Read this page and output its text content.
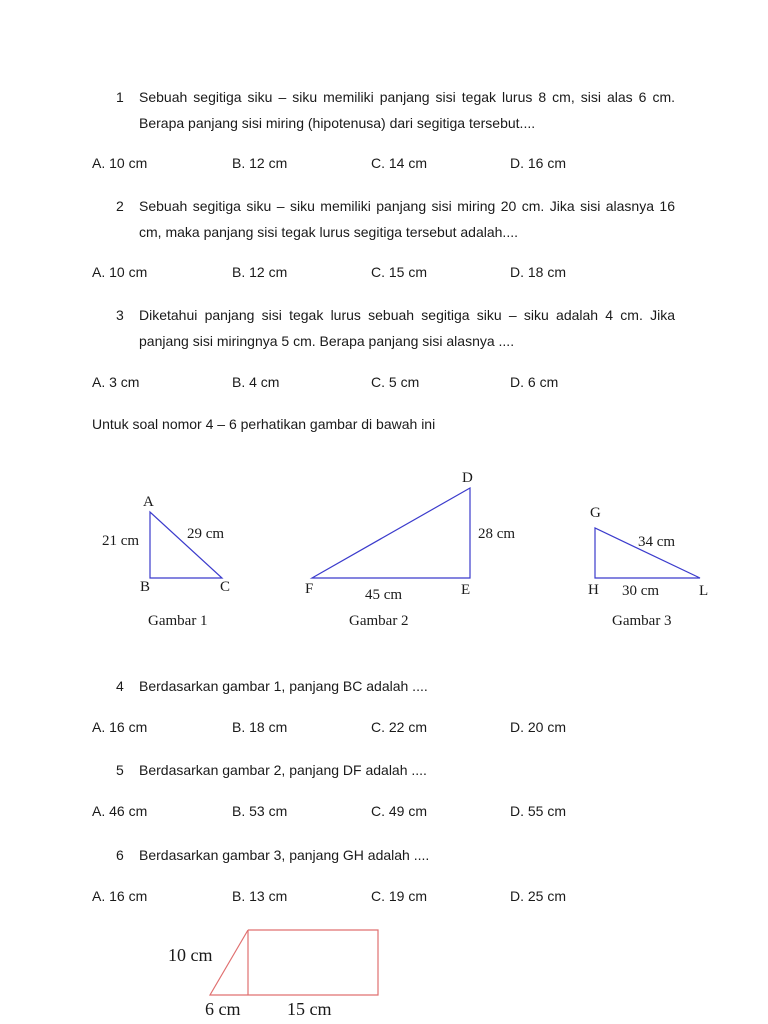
1 Sebuah segitiga siku – siku memiliki panjang sisi tegak lurus 8 cm, sisi alas 6 cm. Berapa panjang sisi miring (hipotenusa) dari segitiga tersebut....
A. 10 cm	B. 12 cm	C. 14 cm	D. 16 cm
2 Sebuah segitiga siku – siku memiliki panjang sisi miring 20 cm. Jika sisi alasnya 16 cm, maka panjang sisi tegak lurus segitiga tersebut adalah....
A. 10 cm	B. 12 cm	C. 15 cm	D. 18 cm
3 Diketahui panjang sisi tegak lurus sebuah segitiga siku – siku adalah 4 cm. Jika panjang sisi miringnya 5 cm. Berapa panjang sisi alasnya ....
A. 3 cm	B. 4 cm	C. 5 cm	D. 6 cm
Untuk soal nomor 4 – 6 perhatikan gambar di bawah ini
A
21 cm	29 cm
B	C
Gambar 1
D
28 cm
F	45 cm	E
Gambar 2
G
34 cm
H 30 cm	L
Gambar 3
4 Berdasarkan gambar 1, panjang BC adalah ....
A. 16 cm	B. 18 cm	C. 22 cm	D. 20 cm
5 Berdasarkan gambar 2, panjang DF adalah ....
A. 46 cm	B. 53 cm	C. 49 cm	D. 55 cm
6 Berdasarkan gambar 3, panjang GH adalah ....
A. 16 cm	B. 13 cm	C. 19 cm	D. 25 cm
10 cm
6 cm	15 cm
